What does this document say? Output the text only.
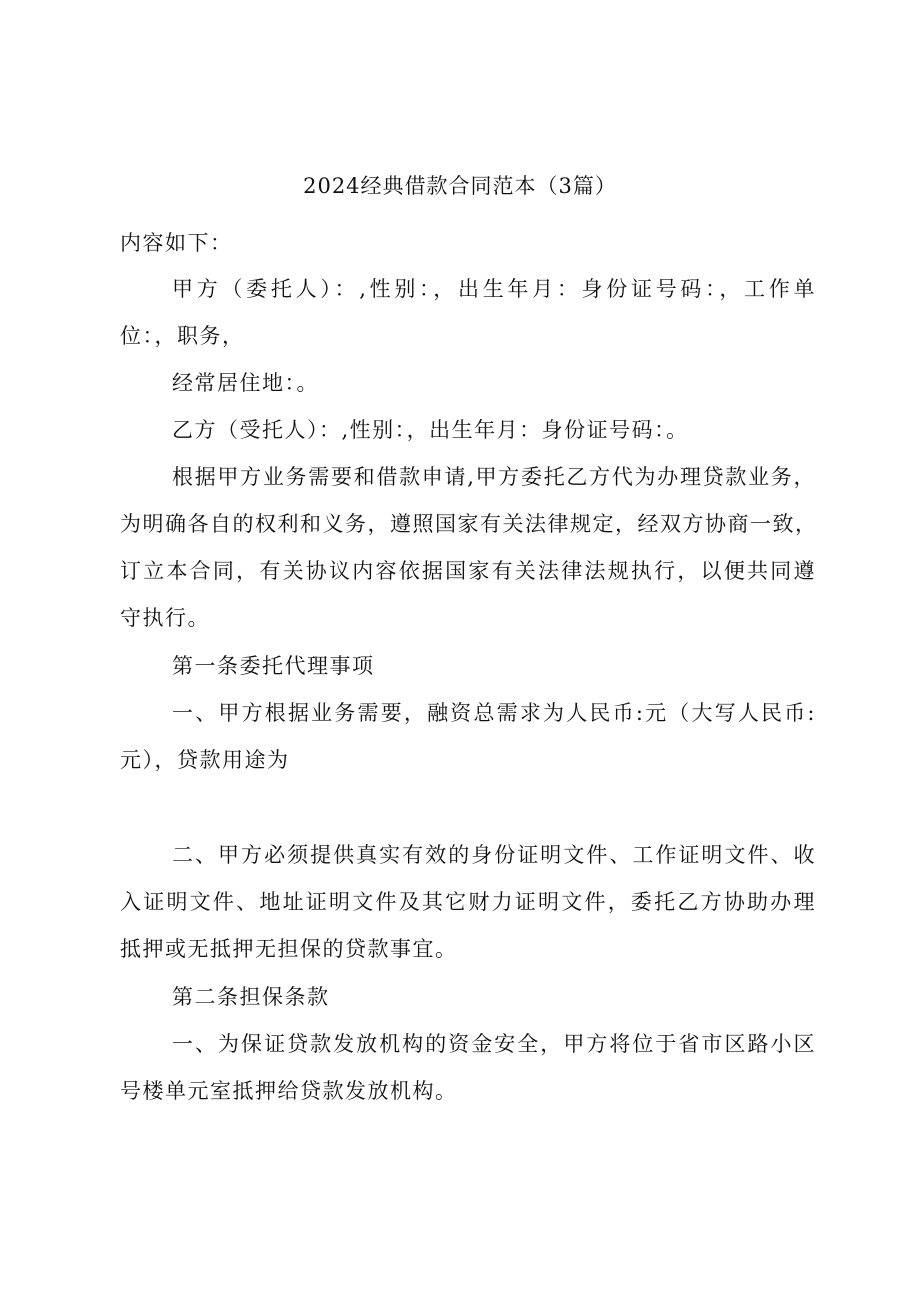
2024经典借款合同范本（3篇）
内容如下：
甲方（委托人）：,性别：，出生年月：身份证号码：，工作单
位：，职务，
经常居住地：。
乙方（受托人）：,性别：，出生年月：身份证号码：。
根据甲方业务需要和借款申请,甲方委托乙方代为办理贷款业务，
为明确各自的权利和义务，遵照国家有关法律规定，经双方协商一致，
订立本合同，有关协议内容依据国家有关法律法规执行，以便共同遵
守执行。
第一条委托代理事项
一、甲方根据业务需要，融资总需求为人民币:元（大写人民币:
元），贷款用途为
二、甲方必须提供真实有效的身份证明文件、工作证明文件、收
入证明文件、地址证明文件及其它财力证明文件，委托乙方协助办理
抵押或无抵押无担保的贷款事宜。
第二条担保条款
一、为保证贷款发放机构的资金安全，甲方将位于省市区路小区
号楼单元室抵押给贷款发放机构。
